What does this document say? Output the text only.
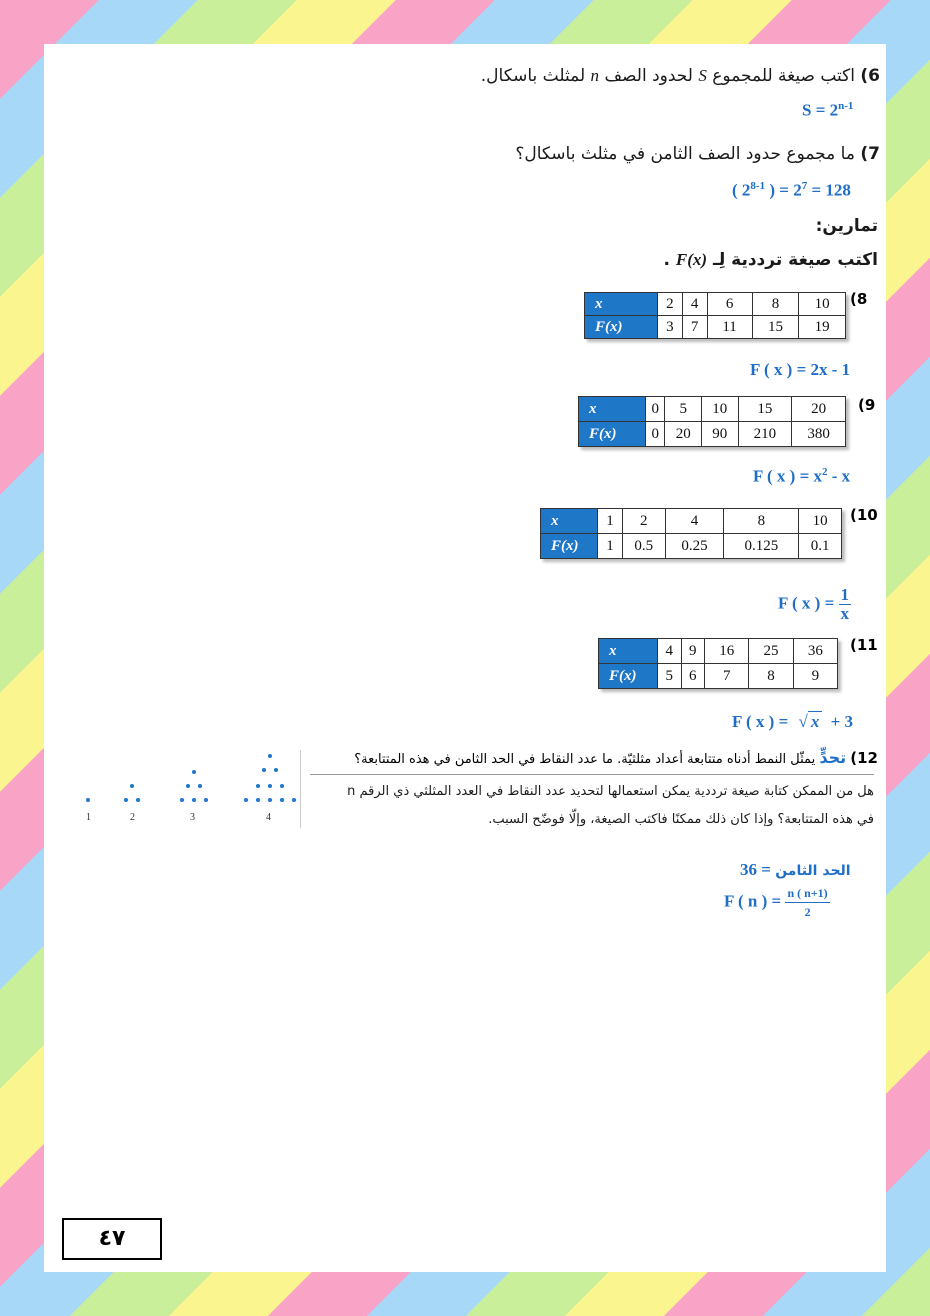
6) اكتب صيغة للمجموع S لحدود الصف n لمثلث باسكال.
$S = 2^{n-1}$
7) ما مجموع حدود الصف الثامن في مثلث باسكال؟
( 2$^{8-1}$ ) = $2^7 = 128$
تمارين:
اكتب صيغة ترددية لِـ F(x) .
(8
x	2	4	6	8	10
F(x)	3	7	11	15	19
F ( x ) = 2x - 1
(9
x	0	5	10	15	20
F(x)	0	20	90	210	380
F ( x ) = $x^2$ - x
(10
x	1	2	4	8	10
F(x)	1	0.5	0.25	0.125	0.1
F ( x ) = $\frac{1}{x}$
(11
x	4	9	16	25	36
F(x)	5	6	7	8	9
F ( x ) = √ x + 3
12) تحدٍّ يمثّل النمط أدناه متتابعة أعداد مثلثيّة. ما عدد النقاط في الحد الثامن في هذه المتتابعة؟
هل من الممكن كتابة صيغة ترددية يمكن استعمالها لتحديد عدد النقاط في العدد المثلثي ذي الرقم n
في هذه المتتابعة؟ وإذا كان ذلك ممكنًا فاكتب الصيغة، وإلّا فوضّح السبب.
1	2	3	4
الحد الثامن = 36
F ( n ) = $\frac{n ( n+1)}{2}$
٤٧
